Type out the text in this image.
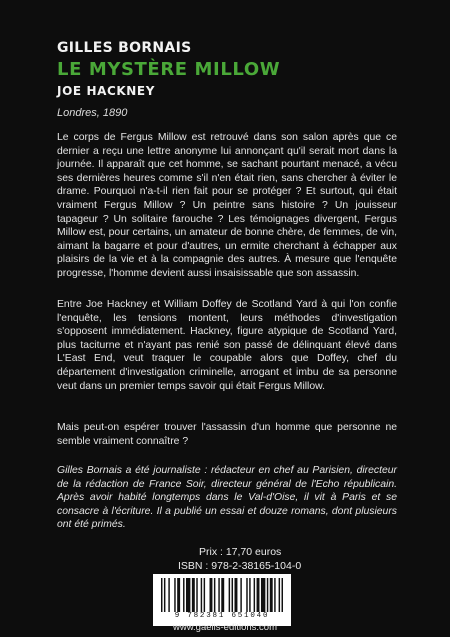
GILLES BORNAIS
LE MYSTÈRE MILLOW
JOE HACKNEY
Londres, 1890

Le corps de Fergus Millow est retrouvé dans son salon après que ce dernier a reçu une lettre anonyme lui annonçant qu'il serait mort dans la journée. Il apparaît que cet homme, se sachant pourtant menacé, a vécu ses dernières heures comme s'il n'en était rien, sans chercher à éviter le drame. Pourquoi n'a-t-il rien fait pour se protéger ? Et surtout, qui était vraiment Fergus Millow ? Un peintre sans histoire ? Un jouisseur tapageur ? Un solitaire farouche ? Les témoignages divergent, Fergus Millow est, pour certains, un amateur de bonne chère, de femmes, de vin, aimant la bagarre et pour d'autres, un ermite cherchant à échapper aux plaisirs de la vie et à la compagnie des autres. À mesure que l'enquête progresse, l'homme devient aussi insaisissable que son assassin.

Entre Joe Hackney et William Doffey de Scotland Yard à qui l'on confie l'enquête, les tensions montent, leurs méthodes d'investigation s'opposent immédiatement. Hackney, figure atypique de Scotland Yard, plus taciturne et n'ayant pas renié son passé de délinquant élevé dans L'East End, veut traquer le coupable alors que Doffey, chef du département d'investigation criminelle, arrogant et imbu de sa personne veut dans un premier temps savoir qui était Fergus Millow.

Mais peut-on espérer trouver l'assassin d'un homme que personne ne semble vraiment connaître ?

Gilles Bornais a été journaliste : rédacteur en chef au Parisien, directeur de la rédaction de France Soir, directeur général de l'Echo républicain. Après avoir habité longtemps dans le Val-d'Oise, il vit à Paris et se consacre à l'écriture. Il a publié un essai et douze romans, dont plusieurs ont été primés.

Prix : 17,70 euros
ISBN : 978-2-38165-104-0
9 782381 651040
www.gaelis-editions.com
